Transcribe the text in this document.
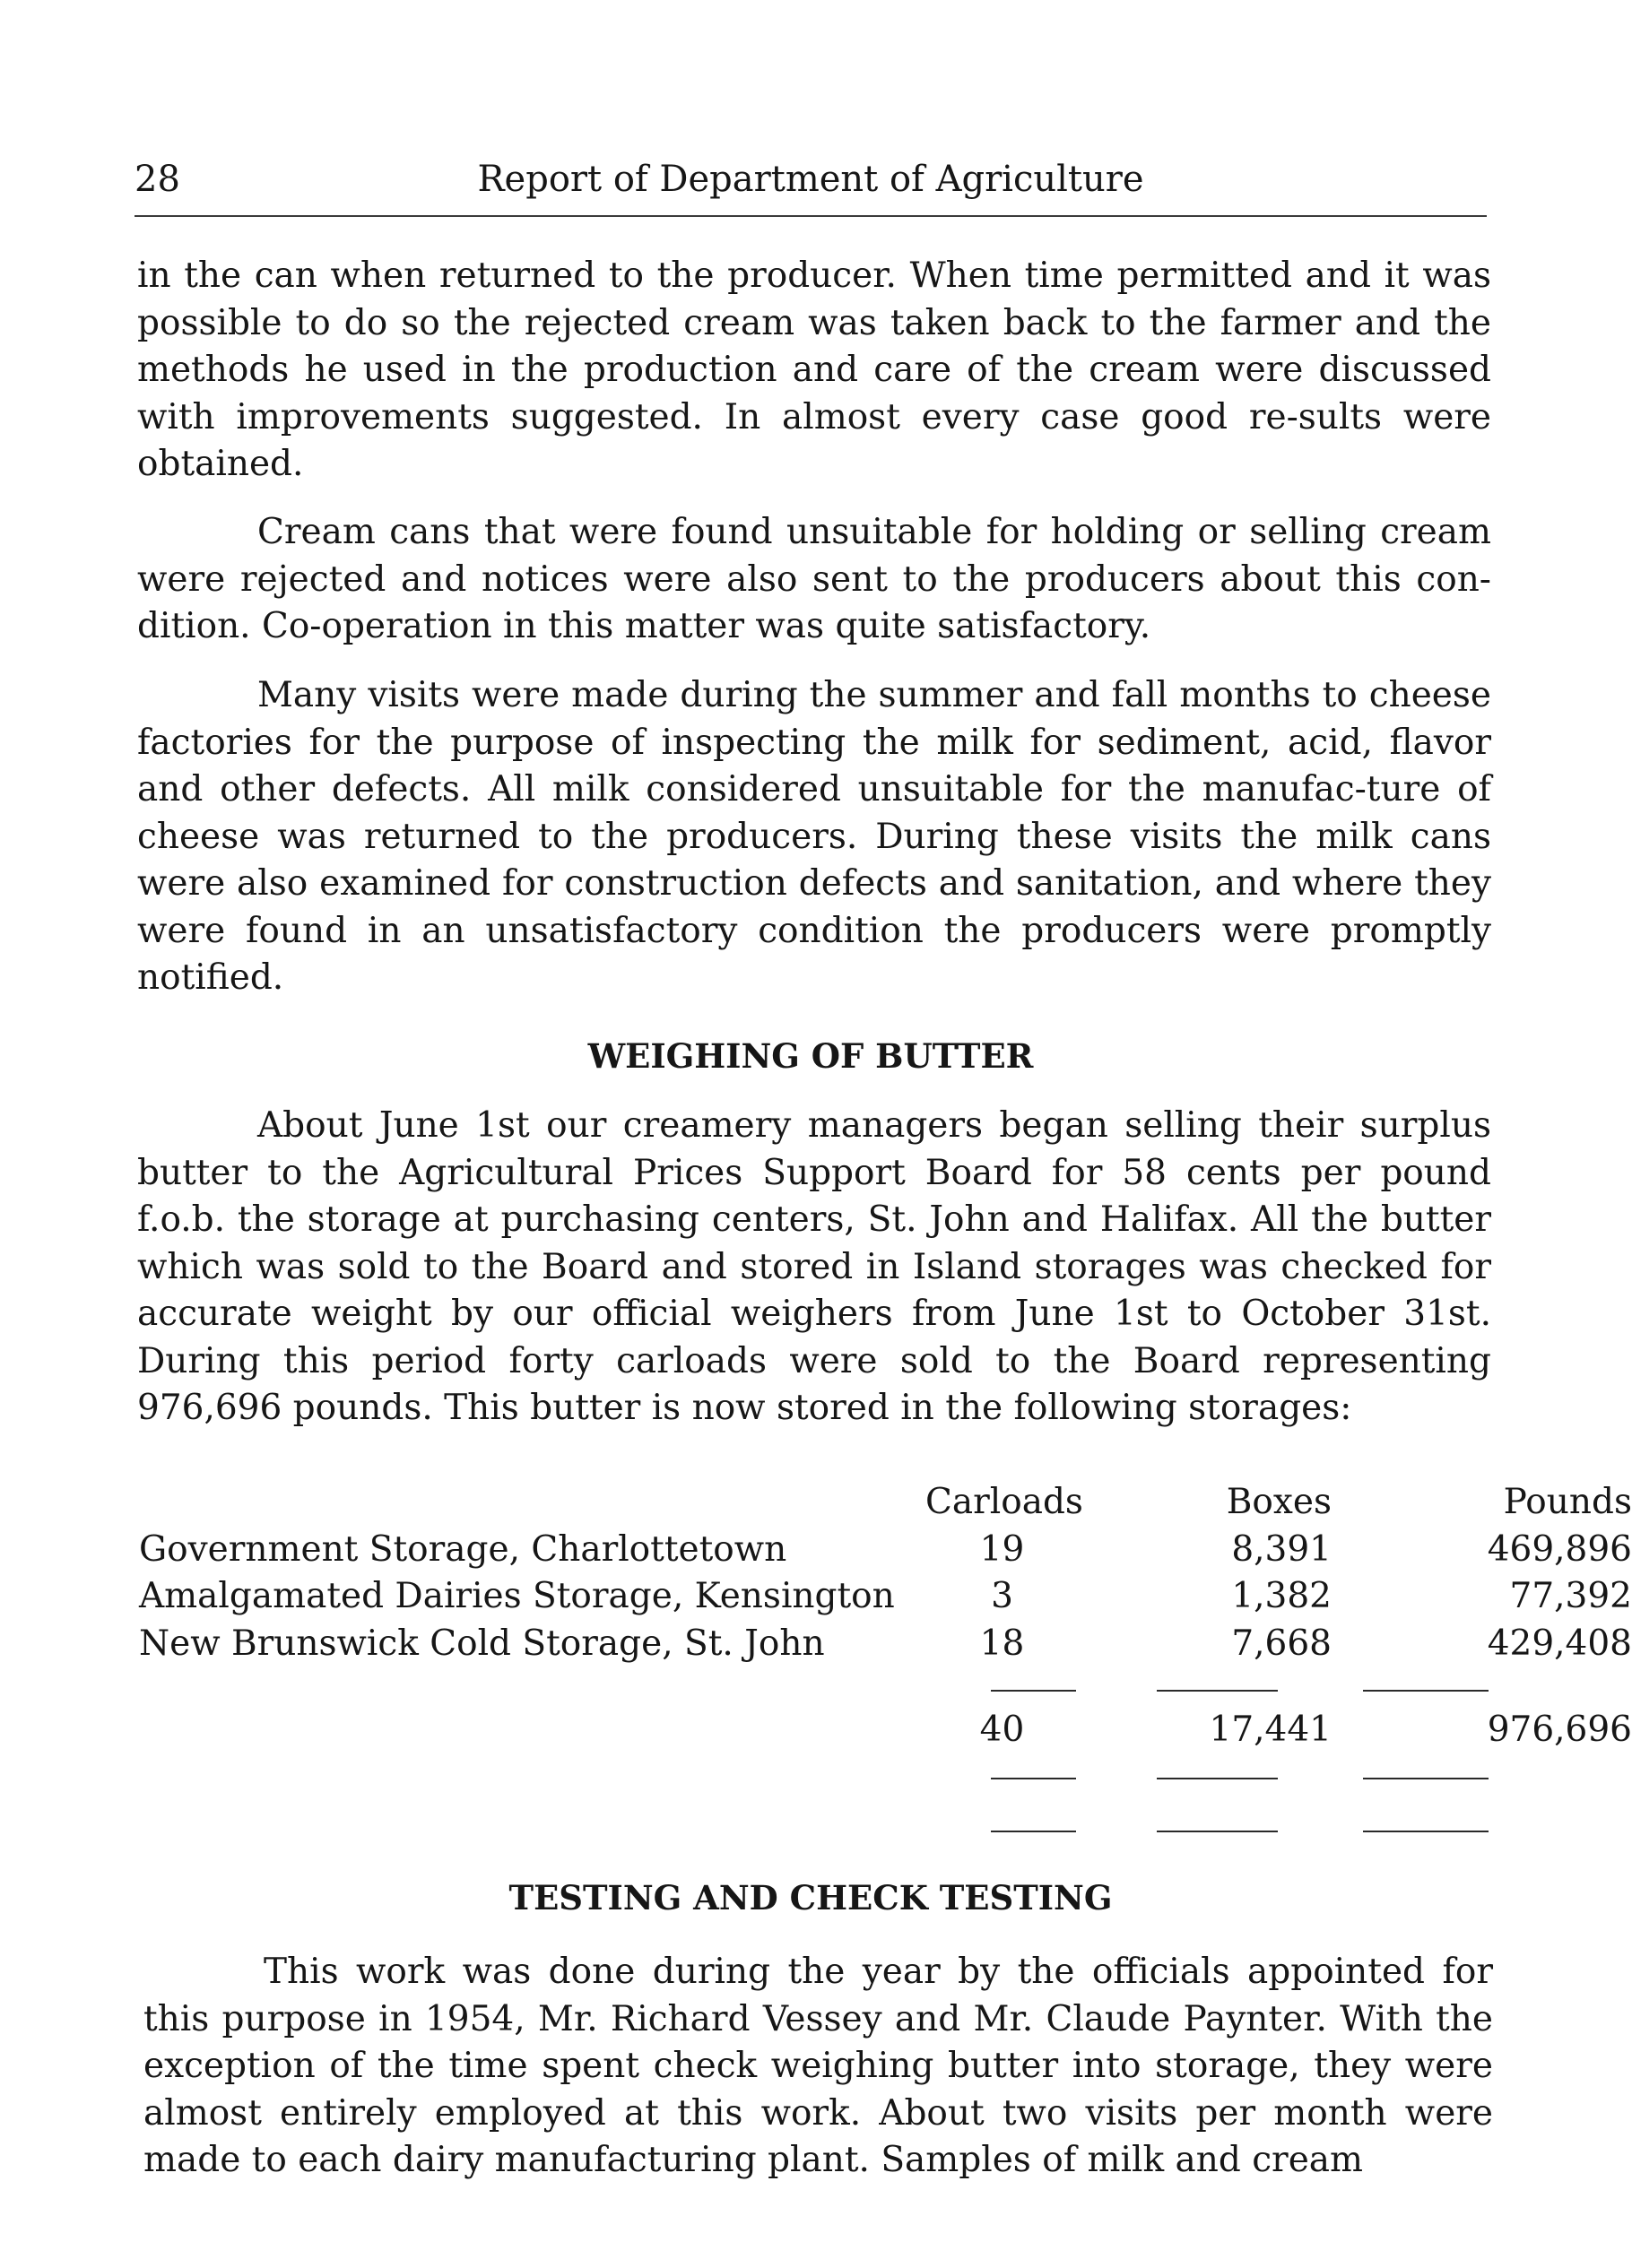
28	Report of Department of Agriculture

in the can when returned to the producer. When time permitted and it was possible to do so the rejected cream was taken back to the farmer and the methods he used in the production and care of the cream were discussed with improvements suggested. In almost every case good re-sults were obtained.

Cream cans that were found unsuitable for holding or selling cream were rejected and notices were also sent to the producers about this con-dition. Co-operation in this matter was quite satisfactory.

Many visits were made during the summer and fall months to cheese factories for the purpose of inspecting the milk for sediment, acid, flavor and other defects. All milk considered unsuitable for the manufac-ture of cheese was returned to the producers. During these visits the milk cans were also examined for construction defects and sanitation, and where they were found in an unsatisfactory condition the producers were promptly notified.

WEIGHING OF BUTTER

About June 1st our creamery managers began selling their surplus butter to the Agricultural Prices Support Board for 58 cents per pound f.o.b. the storage at purchasing centers, St. John and Halifax. All the butter which was sold to the Board and stored in Island storages was checked for accurate weight by our official weighers from June 1st to October 31st. During this period forty carloads were sold to the Board representing 976,696 pounds. This butter is now stored in the following storages:

Carloads	Boxes	Pounds
Government Storage, Charlottetown	19	8,391	469,896
Amalgamated Dairies Storage, Kensington	3	1,382	77,392
New Brunswick Cold Storage, St. John	18	7,668	429,408
40	17,441	976,696
TESTING AND CHECK TESTING

This work was done during the year by the officials appointed for this purpose in 1954, Mr. Richard Vessey and Mr. Claude Paynter. With the exception of the time spent check weighing butter into storage, they were almost entirely employed at this work. About two visits per month were made to each dairy manufacturing plant. Samples of milk and cream
